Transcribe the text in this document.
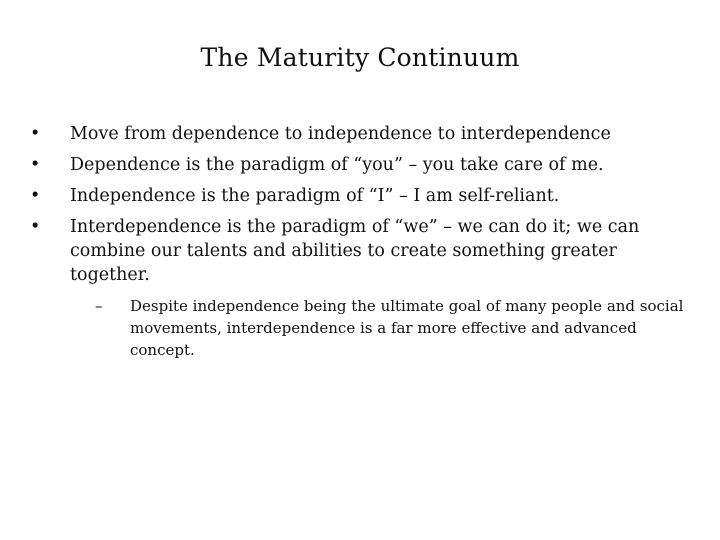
The Maturity Continuum
•	Move from dependence to independence to interdependence
•	Dependence is the paradigm of “you” – you take care of me.
•	Independence is the paradigm of “I” – I am self-reliant.
•	Interdependence is the paradigm of “we” – we can do it; we can combine our talents and abilities to create something greater together.
– Despite independence being the ultimate goal of many people and social movements, interdependence is a far more effective and advanced concept.
